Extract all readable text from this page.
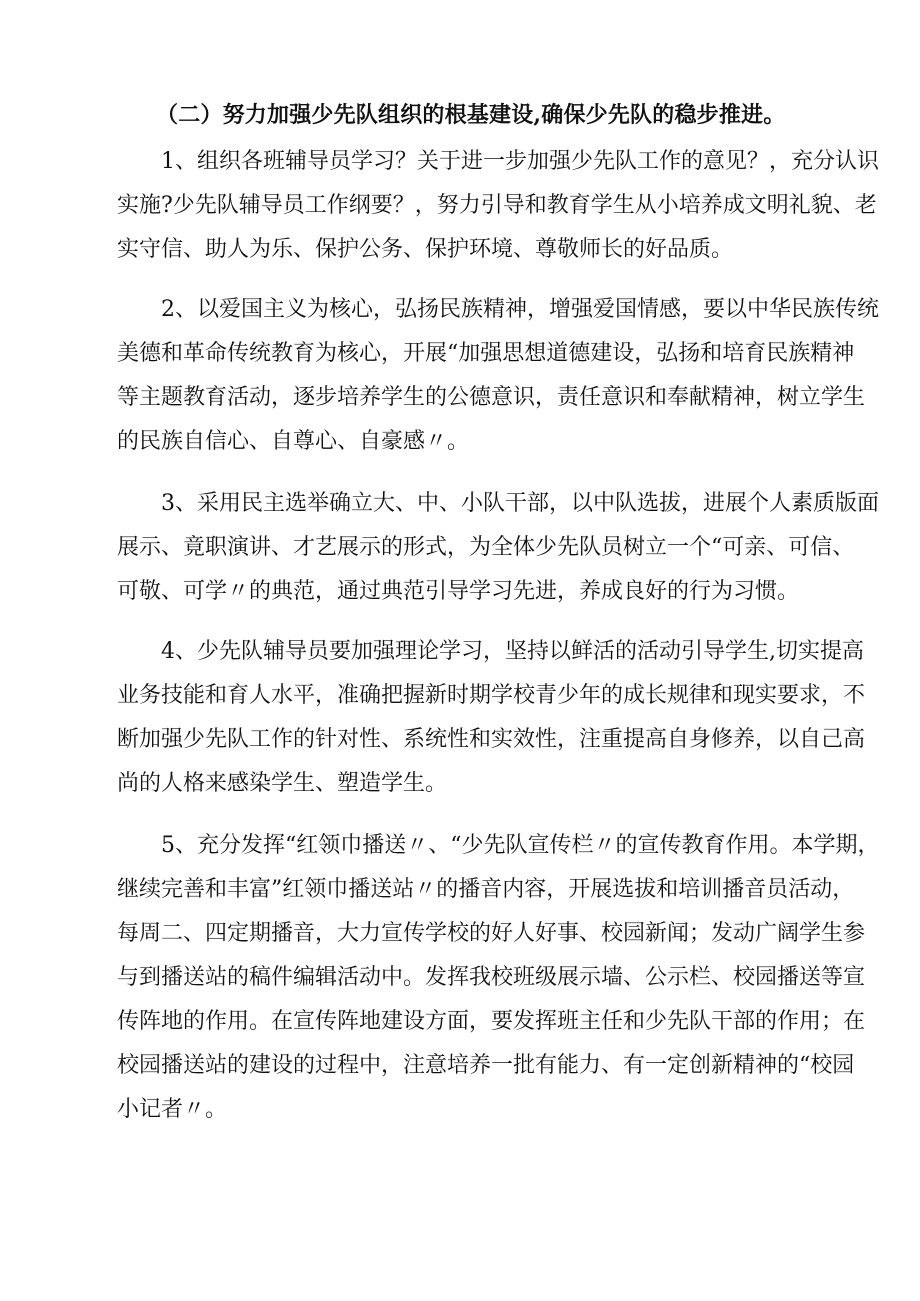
（二）努力加强少先队组织的根基建设,确保少先队的稳步推进。
1、组织各班辅导员学习？关于进一步加强少先队工作的意见？，充分认识
实施?少先队辅导员工作纲要？，努力引导和教育学生从小培养成文明礼貌、老
实守信、助人为乐、保护公务、保护环境、尊敬师长的好品质。
2、以爱国主义为核心，弘扬民族精神，增强爱国情感，要以中华民族传统
美德和革命传统教育为核心，开展“加强思想道德建设，弘扬和培育民族精神
等主题教育活动，逐步培养学生的公德意识，责任意识和奉献精神，树立学生
的民族自信心、自尊心、自豪感〃。
3、采用民主选举确立大、中、小队干部，以中队选拔，进展个人素质版面
展示、竟职演讲、才艺展示的形式，为全体少先队员树立一个“可亲、可信、
可敬、可学〃的典范，通过典范引导学习先进，养成良好的行为习惯。
4、少先队辅导员要加强理论学习，坚持以鲜活的活动引导学生,切实提高
业务技能和育人水平，准确把握新时期学校青少年的成长规律和现实要求，不
断加强少先队工作的针对性、系统性和实效性，注重提高自身修养，以自己高
尚的人格来感染学生、塑造学生。
5、充分发挥“红领巾播送〃、“少先队宣传栏〃的宣传教育作用。本学期，
继续完善和丰富”红领巾播送站〃的播音内容，开展选拔和培训播音员活动，
每周二、四定期播音，大力宣传学校的好人好事、校园新闻；发动广阔学生参
与到播送站的稿件编辑活动中。发挥我校班级展示墙、公示栏、校园播送等宣
传阵地的作用。在宣传阵地建设方面，要发挥班主任和少先队干部的作用；在
校园播送站的建设的过程中，注意培养一批有能力、有一定创新精神的“校园
小记者〃。
